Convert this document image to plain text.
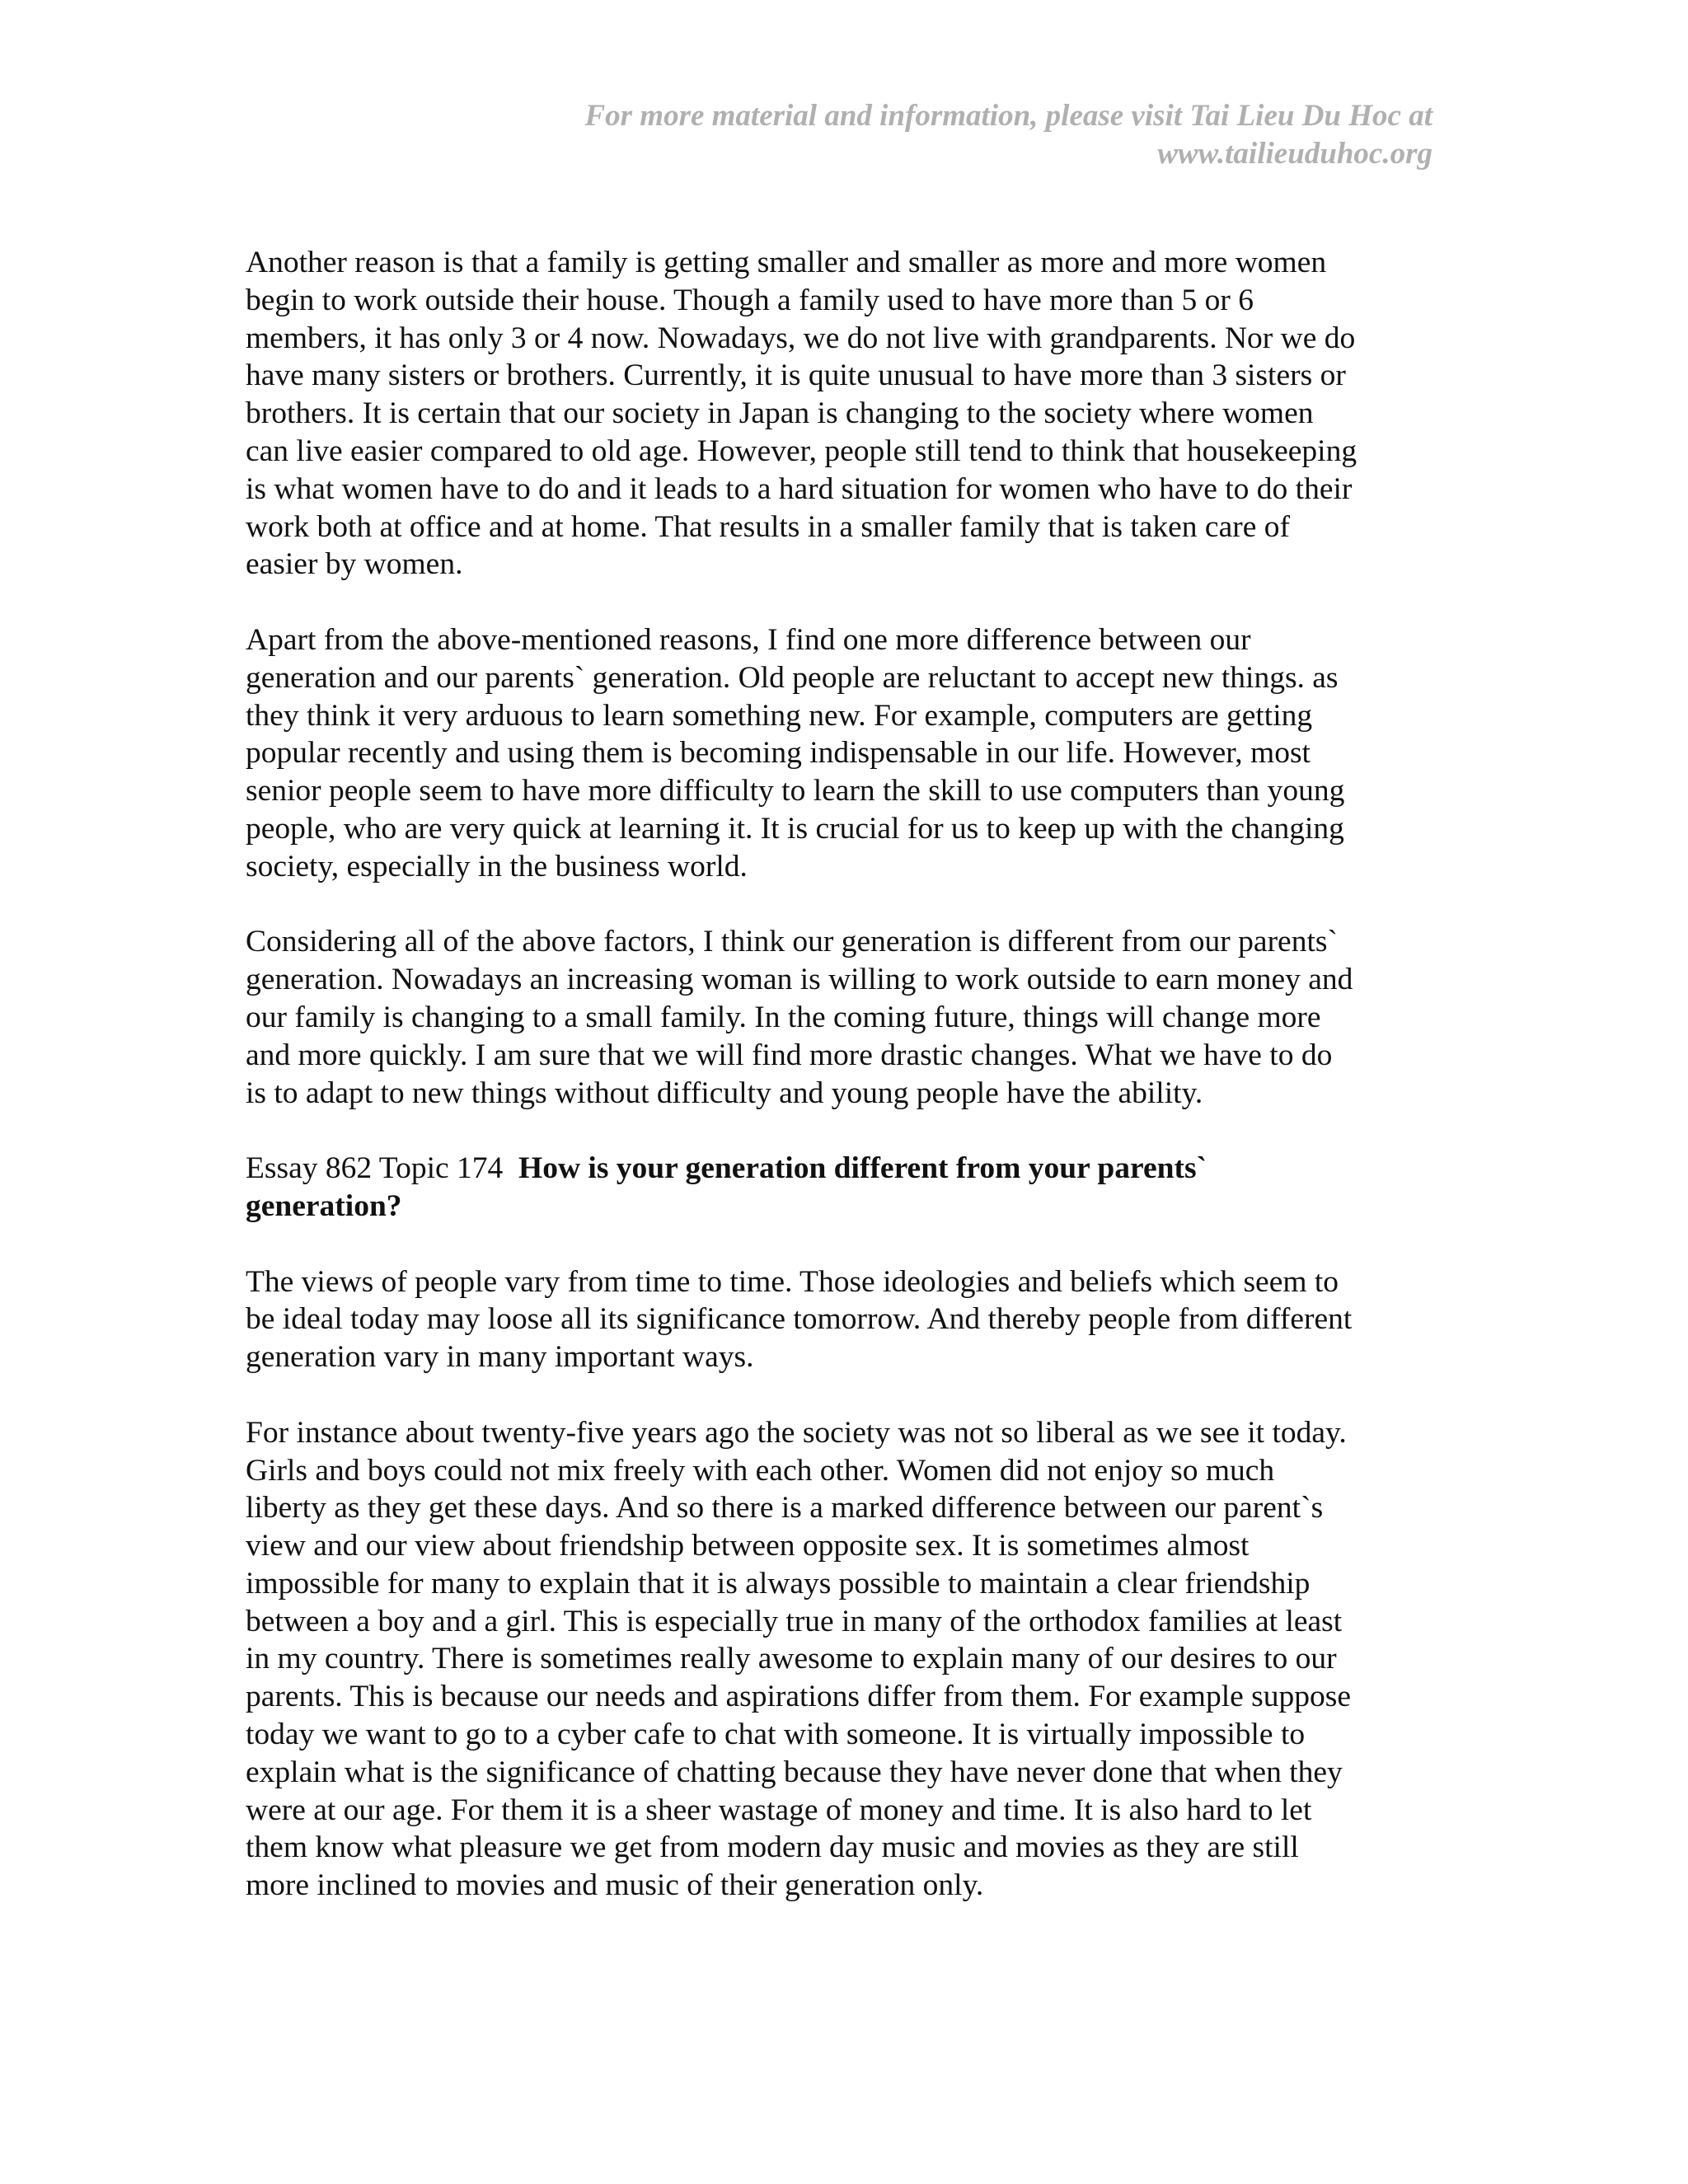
For more material and information, please visit Tai Lieu Du Hoc at
www.tailieuduhoc.org

Another reason is that a family is getting smaller and smaller as more and more women
begin to work outside their house. Though a family used to have more than 5 or 6
members, it has only 3 or 4 now. Nowadays, we do not live with grandparents. Nor we do
have many sisters or brothers. Currently, it is quite unusual to have more than 3 sisters or
brothers. It is certain that our society in Japan is changing to the society where women
can live easier compared to old age. However, people still tend to think that housekeeping
is what women have to do and it leads to a hard situation for women who have to do their
work both at office and at home. That results in a smaller family that is taken care of
easier by women.

Apart from the above-mentioned reasons, I find one more difference between our
generation and our parents` generation. Old people are reluctant to accept new things. as
they think it very arduous to learn something new. For example, computers are getting
popular recently and using them is becoming indispensable in our life. However, most
senior people seem to have more difficulty to learn the skill to use computers than young
people, who are very quick at learning it. It is crucial for us to keep up with the changing
society, especially in the business world.

Considering all of the above factors, I think our generation is different from our parents`
generation. Nowadays an increasing woman is willing to work outside to earn money and
our family is changing to a small family. In the coming future, things will change more
and more quickly. I am sure that we will find more drastic changes. What we have to do
is to adapt to new things without difficulty and young people have the ability.

Essay 862 Topic 174 How is your generation different from your parents`
generation?

The views of people vary from time to time. Those ideologies and beliefs which seem to
be ideal today may loose all its significance tomorrow. And thereby people from different
generation vary in many important ways.

For instance about twenty-five years ago the society was not so liberal as we see it today.
Girls and boys could not mix freely with each other. Women did not enjoy so much
liberty as they get these days. And so there is a marked difference between our parent`s
view and our view about friendship between opposite sex. It is sometimes almost
impossible for many to explain that it is always possible to maintain a clear friendship
between a boy and a girl. This is especially true in many of the orthodox families at least
in my country. There is sometimes really awesome to explain many of our desires to our
parents. This is because our needs and aspirations differ from them. For example suppose
today we want to go to a cyber cafe to chat with someone. It is virtually impossible to
explain what is the significance of chatting because they have never done that when they
were at our age. For them it is a sheer wastage of money and time. It is also hard to let
them know what pleasure we get from modern day music and movies as they are still
more inclined to movies and music of their generation only.
